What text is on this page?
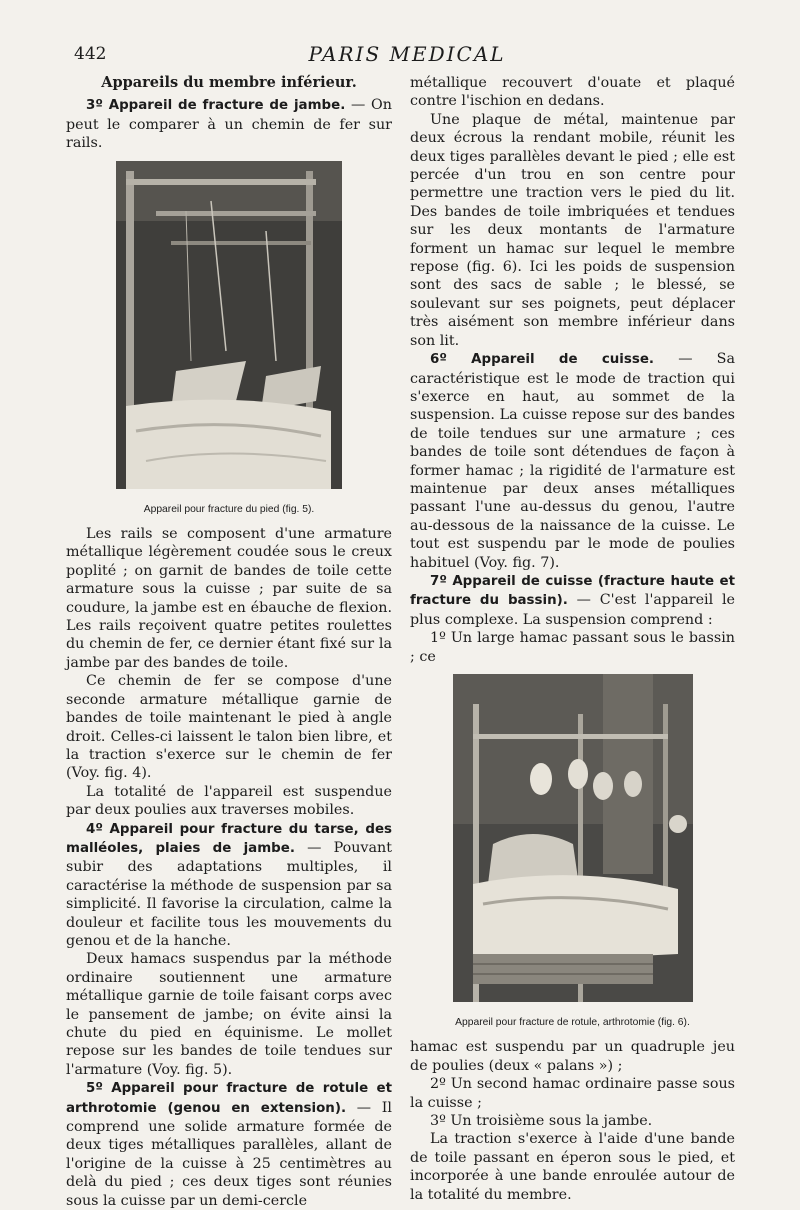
442	PARIS MEDICAL
Appareils du membre inférieur.

3º Appareil de fracture de jambe. — On peut le comparer à un chemin de fer sur rails.

Appareil pour fracture du pied (fig. 5).

Les rails se composent d'une armature métallique légèrement coudée sous le creux poplité ; on garnit de bandes de toile cette armature sous la cuisse ; par suite de sa coudure, la jambe est en ébauche de flexion. Les rails reçoivent quatre petites roulettes du chemin de fer, ce dernier étant fixé sur la jambe par des bandes de toile.

Ce chemin de fer se compose d'une seconde armature métallique garnie de bandes de toile maintenant le pied à angle droit. Celles-ci laissent le talon bien libre, et la traction s'exerce sur le chemin de fer (Voy. fig. 4).

La totalité de l'appareil est suspendue par deux poulies aux traverses mobiles.

4º Appareil pour fracture du tarse, des malléoles, plaies de jambe. — Pouvant subir des adaptations multiples, il caractérise la méthode de suspension par sa simplicité. Il favorise la circulation, calme la douleur et facilite tous les mouvements du genou et de la hanche.

Deux hamacs suspendus par la méthode ordinaire soutiennent une armature métallique garnie de toile faisant corps avec le pansement de jambe; on évite ainsi la chute du pied en équinisme. Le mollet repose sur les bandes de toile tendues sur l'armature (Voy. fig. 5).

5º Appareil pour fracture de rotule et arthrotomie (genou en extension). — Il comprend une solide armature formée de deux tiges métalliques parallèles, allant de l'origine de la cuisse à 25 centimètres au delà du pied ; ces deux tiges sont réunies sous la cuisse par un demi-cercle

métallique recouvert d'ouate et plaqué contre l'ischion en dedans.

Une plaque de métal, maintenue par deux écrous la rendant mobile, réunit les deux tiges parallèles devant le pied ; elle est percée d'un trou en son centre pour permettre une traction vers le pied du lit. Des bandes de toile imbriquées et tendues sur les deux montants de l'armature forment un hamac sur lequel le membre repose (fig. 6). Ici les poids de suspension sont des sacs de sable ; le blessé, se soulevant sur ses poignets, peut déplacer très aisément son membre inférieur dans son lit.

6º Appareil de cuisse. — Sa caractéristique est le mode de traction qui s'exerce en haut, au sommet de la suspension. La cuisse repose sur des bandes de toile tendues sur une armature ; ces bandes de toile sont détendues de façon à former hamac ; la rigidité de l'armature est maintenue par deux anses métalliques passant l'une au-dessus du genou, l'autre au-dessous de la naissance de la cuisse. Le tout est suspendu par le mode de poulies habituel (Voy. fig. 7).

7º Appareil de cuisse (fracture haute et fracture du bassin). — C'est l'appareil le plus complexe. La suspension comprend :

1º Un large hamac passant sous le bassin ; ce

Appareil pour fracture de rotule, arthrotomie (fig. 6).

hamac est suspendu par un quadruple jeu de poulies (deux « palans ») ;

2º Un second hamac ordinaire passe sous la cuisse ;

3º Un troisième sous la jambe.

La traction s'exerce à l'aide d'une bande de toile passant en éperon sous le pied, et incorporée à une bande enroulée autour de la totalité du membre.
